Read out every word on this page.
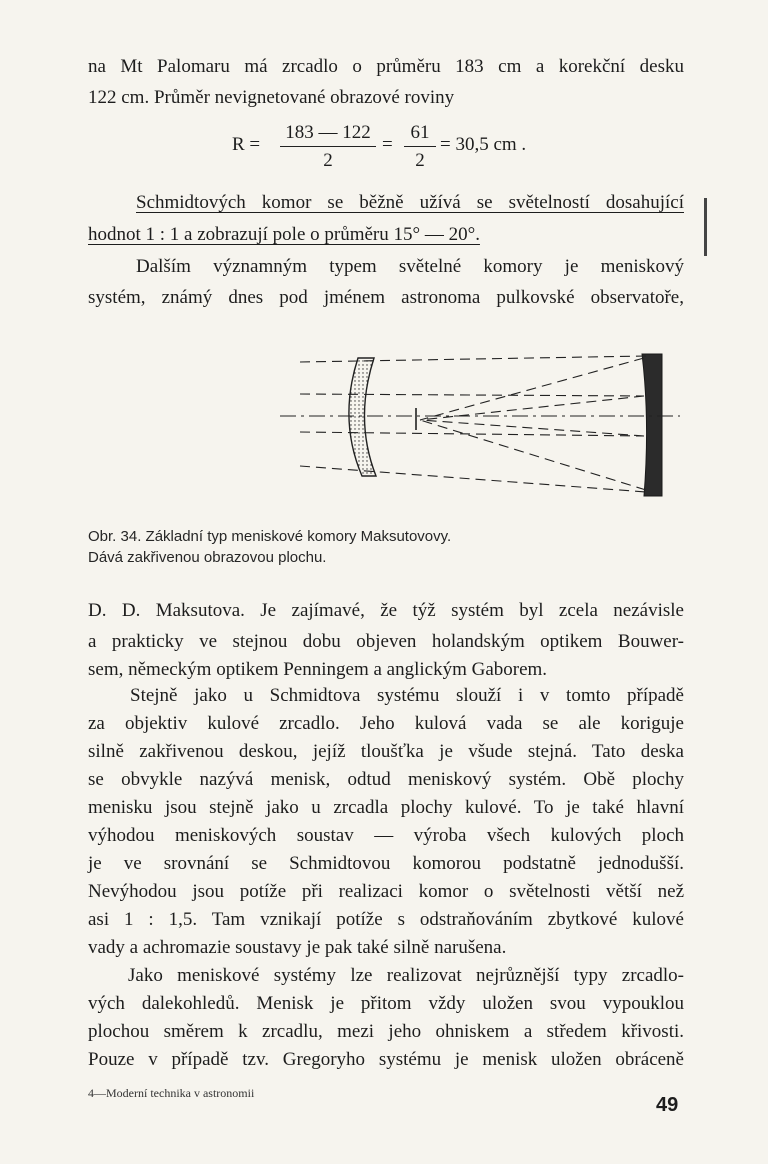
na Mt Palomaru má zrcadlo o průměru 183 cm a korekční desku
122 cm. Průměr nevignetované obrazové roviny
R =
183 — 122
2
=
61
2
= 30,5 cm .
Schmidtových komor se běžně užívá se světelností dosahující
hodnot 1 : 1 a zobrazují pole o průměru 15° — 20°.
Dalším významným typem světelné komory je meniskový
systém, známý dnes pod jménem astronoma pulkovské observatoře,
Obr. 34. Základní typ meniskové komory Maksutovovy.
Dává zakřivenou obrazovou plochu.
D. D. Maksutova. Je zajímavé, že týž systém byl zcela nezávisle
a prakticky ve stejnou dobu objeven holandským optikem Bouwer-
sem, německým optikem Penningem a anglickým Gaborem.
Stejně jako u Schmidtova systému slouží i v tomto případě
za objektiv kulové zrcadlo. Jeho kulová vada se ale koriguje
silně zakřivenou deskou, jejíž tloušťka je všude stejná. Tato deska
se obvykle nazývá menisk, odtud meniskový systém. Obě plochy
menisku jsou stejně jako u zrcadla plochy kulové. To je také hlavní
výhodou meniskových soustav — výroba všech kulových ploch
je ve srovnání se Schmidtovou komorou podstatně jednodušší.
Nevýhodou jsou potíže při realizaci komor o světelnosti větší než
asi 1 : 1,5. Tam vznikají potíže s odstraňováním zbytkové kulové
vady a achromazie soustavy je pak také silně narušena.
Jako meniskové systémy lze realizovat nejrůznější typy zrcadlo-
vých dalekohledů. Menisk je přitom vždy uložen svou vypouklou
plochou směrem k zrcadlu, mezi jeho ohniskem a středem křivosti.
Pouze v případě tzv. Gregoryho systému je menisk uložen obráceně
4—Moderní technika v astronomii
49
